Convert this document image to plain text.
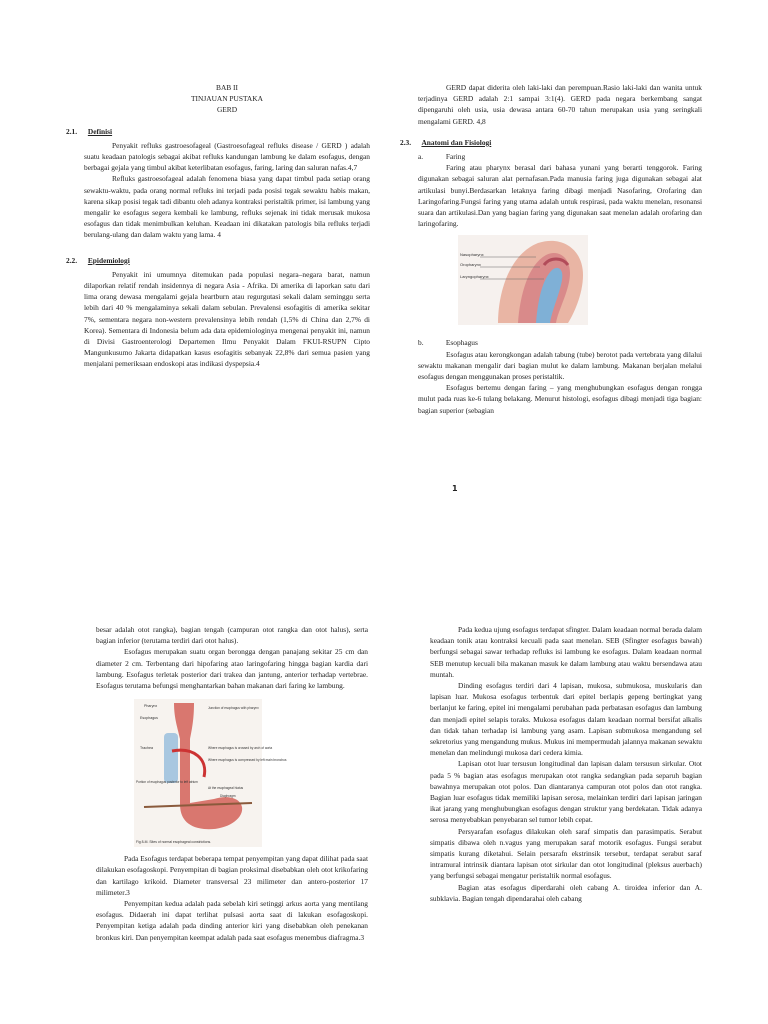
BAB II

TINJAUAN PUSTAKA

GERD

2.1. Definisi

Penyakit refluks gastroesofageal (Gastroesofageal refluks disease / GERD ) adalah suatu keadaan patologis sebagai akibat refluks kandungan lambung ke dalam esofagus, dengan berbagai gejala yang timbul akibat keterlibatan esofagus, faring, laring dan saluran nafas.4,7

Refluks gastroesofageal adalah fenomena biasa yang dapat timbul pada setiap orang sewaktu-waktu, pada orang normal refluks ini terjadi pada posisi tegak sewaktu habis makan, karena sikap posisi tegak tadi dibantu oleh adanya kontraksi peristaltik primer, isi lambung yang mengalir ke esofagus segera kembali ke lambung, refluks sejenak ini tidak merusak mukosa esofagus dan tidak menimbulkan keluhan. Keadaan ini dikatakan patologis bila refluks terjadi berulang-ulang dan dalam waktu yang lama. 4

2.2. Epidemiologi

Penyakit ini umumnya ditemukan pada populasi negara–negara barat, namun dilaporkan relatif rendah insidennya di negara Asia - Afrika. Di amerika di laporkan satu dari lima orang dewasa mengalami gejala heartburn atau regurgutasi sekali dalam seminggu serta lebih dari 40 % mengalaminya sekali dalam sebulan. Prevalensi esofagitis di amerika sekitar 7%, sementara negara non-western prevalensinya lebih rendah (1,5% di China dan 2,7% di Korea). Sementara di Indonesia belum ada data epidemiologinya mengenai penyakit ini, namun di Divisi Gastroenterologi Departemen Ilmu Penyakit Dalam FKUI-RSUPN Cipto Mangunkusumo Jakarta didapatkan kasus esofagitis sebanyak 22,8% dari semua pasien yang menjalani pemeriksaan endoskopi atas indikasi dyspepsia.4

GERD dapat diderita oleh laki-laki dan perempuan.Rasio laki-laki dan wanita untuk terjadinya GERD adalah 2:1 sampai 3:1(4). GERD pada negara berkembang sangat dipengaruhi oleh usia, usia dewasa antara 60-70 tahun merupakan usia yang seringkali mengalami GERD. 4,8

2.3. Anatomi dan Fisiologi

a.	Faring

Faring atau pharynx berasal dari bahasa yunani yang berarti tenggorok. Faring digunakan sebagai saluran alat pernafasan.Pada manusia faring juga digunakan sebagai alat artikulasi bunyi.Berdasarkan letaknya faring dibagi menjadi Nasofaring, Orofaring dan Laringofaring.Fungsi faring yang utama adalah untuk respirasi, pada waktu menelan, resonansi suara dan artikulasi.Dan yang bagian faring yang digunakan saat menelan adalah orofaring dan laringofaring.

Nasopharynx
Oropharynx
Laryngopharynx

b.	Esophagus

Esofagus atau kerongkongan adalah tabung (tube) berotot pada vertebrata yang dilalui sewaktu makanan mengalir dari bagian mulut ke dalam lambung. Makanan berjalan melalui esofagus dengan menggunakan proses peristaltik.

Esofagus bertemu dengan faring – yang menghubungkan esofagus dengan rongga mulut pada ruas ke-6 tulang belakang. Menurut histologi, esofagus dibagi menjadi tiga bagian: bagian superior (sebagian

1

besar adalah otot rangka), bagian tengah (campuran otot rangka dan otot halus), serta bagian inferior (terutama terdiri dari otot halus).

Esofagus merupakan suatu organ berongga dengan panajang sekitar 25 cm dan diameter 2 cm. Terbentang dari hipofaring atao laringofaring hingga bagian kardia dari lambung. Esofagus terletak posterior dari trakea dan jantung, anterior terhadap vertebrae. Esofagus terutama befungsi menghantarkan bahan makanan dari faring ke lambung.

Pharynx
Esophagus
Trachea
Junction of esophagus with pharynx
Where esophagus is crossed by arch of aorta
Where esophagus is compressed by left main bronchus
At the esophageal hiatus
Diaphragm
Portion of esophagus posterior to left atrium
Fig 8-M. Sites of normal esophageal constrictions.

Pada Esofagus terdapat beberapa tempat penyempitan yang dapat dilihat pada saat dilakukan esofagoskopi. Penyempitan di bagian proksimal disebabkan oleh otot krikofaring dan kartilago krikoid. Diameter transversal 23 milimeter dan antero-posterior 17 milimeter.3

Penyempitan kedua adalah pada sebelah kiri setinggi arkus aorta yang mentilang esofagus. Didaerah ini dapat terlihat pulsasi aorta saat di lakukan esofagoskopi. Penyempitan ketiga adalah pada dinding anterior kiri yang disebabkan oleh penekanan bronkus kiri. Dan penyempitan keempat adalah pada saat esofagus menembus diafragma.3

Pada kedua ujung esofagus terdapat sfingter. Dalam keadaan normal berada dalam keadaan tonik atau kontraksi kecuali pada saat menelan. SEB (Sfingter esofagus bawah) berfungsi sebagai sawar terhadap refluks isi lambung ke esofagus. Dalam keadaan normal SEB menutup kecuali bila makanan masuk ke dalam lambung atau waktu bersendawa atau muntah.

Dinding esofagus terdiri dari 4 lapisan, mukosa, submukosa, muskularis dan lapisan luar. Mukosa esofagus terbentuk dari epitel berlapis gepeng bertingkat yang berlanjut ke faring, epitel ini mengalami perubahan pada perbatasan esofagus dan lambung dan menjadi epitel selapis toraks. Mukosa esofagus dalam keadaan normal bersifat alkalis dan tidak tahan terhadap isi lambung yang asam. Lapisan submukosa mengandung sel sekretorius yang mengandung mukus. Mukus ini mempermudah jalannya makanan sewaktu menelan dan melindungi mukosa dari cedera kimia.

Lapisan otot luar tersusun longitudinal dan lapisan dalam tersusun sirkular. Otot pada 5 % bagian atas esofagus merupakan otot rangka sedangkan pada separuh bagian bawahnya merupakan otot polos. Dan diantaranya campuran otot polos dan otot rangka. Bagian luar esofagus tidak memiliki lapisan serosa, melainkan terdiri dari lapisan jaringan ikat jarang yang menghubungkan esofagus dengan struktur yang berdekatan. Tidak adanya serosa menyebabkan penyebaran sel tumor lebih cepat.

Persyarafan esofagus dilakukan oleh saraf simpatis dan parasimpatis. Serabut simpatis dibawa oleh n.vagus yang merupakan saraf motorik esofagus. Fungsi serabut simpatis kurang diketahui. Selain persarafn ekstrinsik tersebut, terdapat serabut saraf intramural intrinsik diantara lapisan otot sirkular dan otot longitudinal (pleksus auerbach) yang berfungsi sebagai mengatur peristaltik normal esofagus.

Bagian atas esofagus diperdarahi oleh cabang A. tiroidea inferior dan A. subklavia. Bagian tengah dipendarahai oleh cabang
